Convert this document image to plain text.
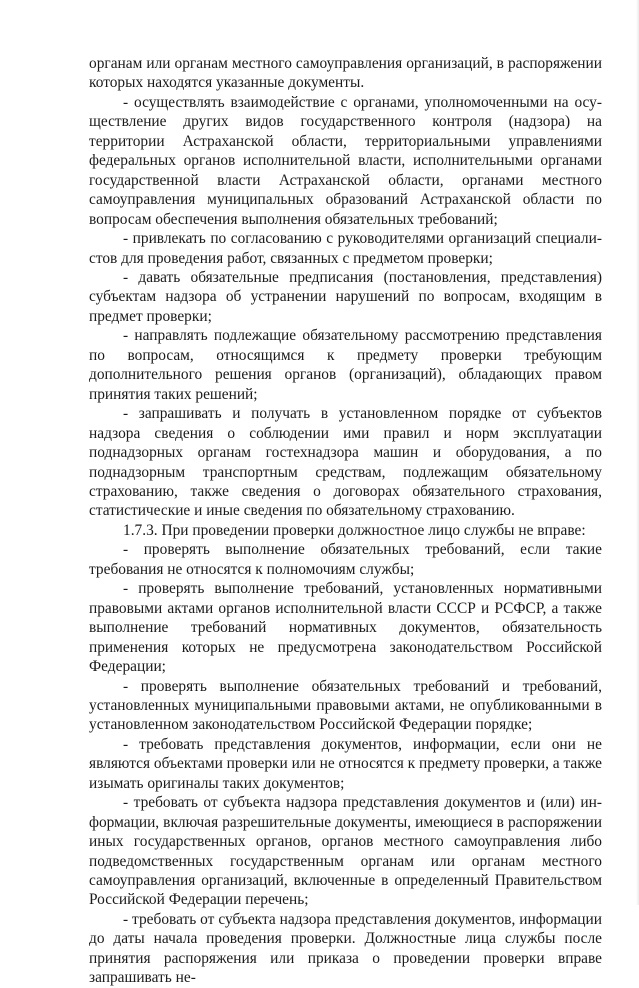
органам или органам местного самоуправления организаций, в распоряжении которых находятся указанные документы.

- осуществлять взаимодействие с органами, уполномоченными на осуществление других видов государственного контроля (надзора) на территории Астраханской области, территориальными управлениями федеральных органов исполнительной власти, исполнительными органами государственной власти Астраханской области, органами местного самоуправления муниципальных образований Астраханской области по вопросам обеспечения выполнения обязательных требований;

- привлекать по согласованию с руководителями организаций специалистов для проведения работ, связанных с предметом проверки;

- давать обязательные предписания (постановления, представления) субъектам надзора об устранении нарушений по вопросам, входящим в предмет проверки;

- направлять подлежащие обязательному рассмотрению представления по вопросам, относящимся к предмету проверки требующим дополнительного решения органов (организаций), обладающих правом принятия таких решений;

- запрашивать и получать в установленном порядке от субъектов надзора сведения о соблюдении ими правил и норм эксплуатации поднадзорных органам гостехнадзора машин и оборудования, а по поднадзорным транспортным средствам, подлежащим обязательному страхованию, также сведения о договорах обязательного страхования, статистические и иные сведения по обязательному страхованию.

1.7.3. При проведении проверки должностное лицо службы не вправе:

- проверять выполнение обязательных требований, если такие требования не относятся к полномочиям службы;

- проверять выполнение требований, установленных нормативными правовыми актами органов исполнительной власти СССР и РСФСР, а также выполнение требований нормативных документов, обязательность применения которых не предусмотрена законодательством Российской Федерации;

- проверять выполнение обязательных требований и требований, установленных муниципальными правовыми актами, не опубликованными в установленном законодательством Российской Федерации порядке;

- требовать представления документов, информации, если они не являются объектами проверки или не относятся к предмету проверки, а также изымать оригиналы таких документов;

- требовать от субъекта надзора представления документов и (или) информации, включая разрешительные документы, имеющиеся в распоряжении иных государственных органов, органов местного самоуправления либо подведомственных государственным органам или органам местного самоуправления организаций, включенные в определенный Правительством Российской Федерации перечень;

- требовать от субъекта надзора представления документов, информации до даты начала проведения проверки. Должностные лица службы после принятия распоряжения или приказа о проведении проверки вправе запрашивать не-
